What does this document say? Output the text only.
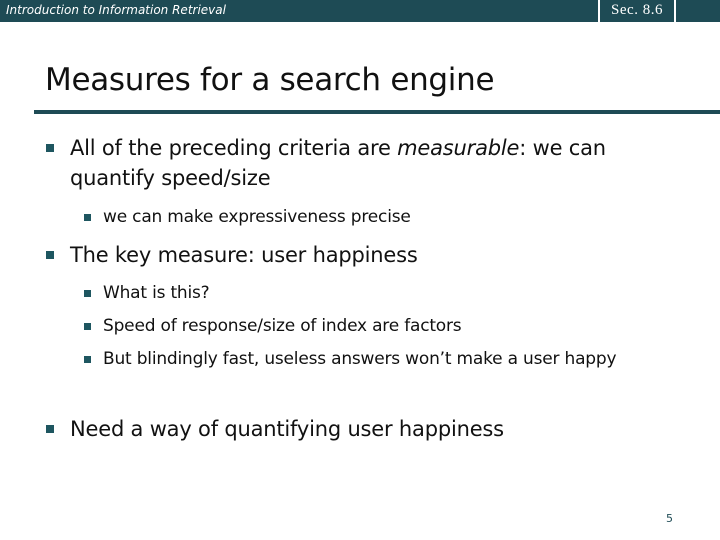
Introduction to Information Retrieval	Sec. 8.6
Measures for a search engine
All of the preceding criteria are measurable: we can quantify speed/size
we can make expressiveness precise
The key measure: user happiness
What is this?
Speed of response/size of index are factors
But blindingly fast, useless answers won’t make a user happy
Need a way of quantifying user happiness
5
